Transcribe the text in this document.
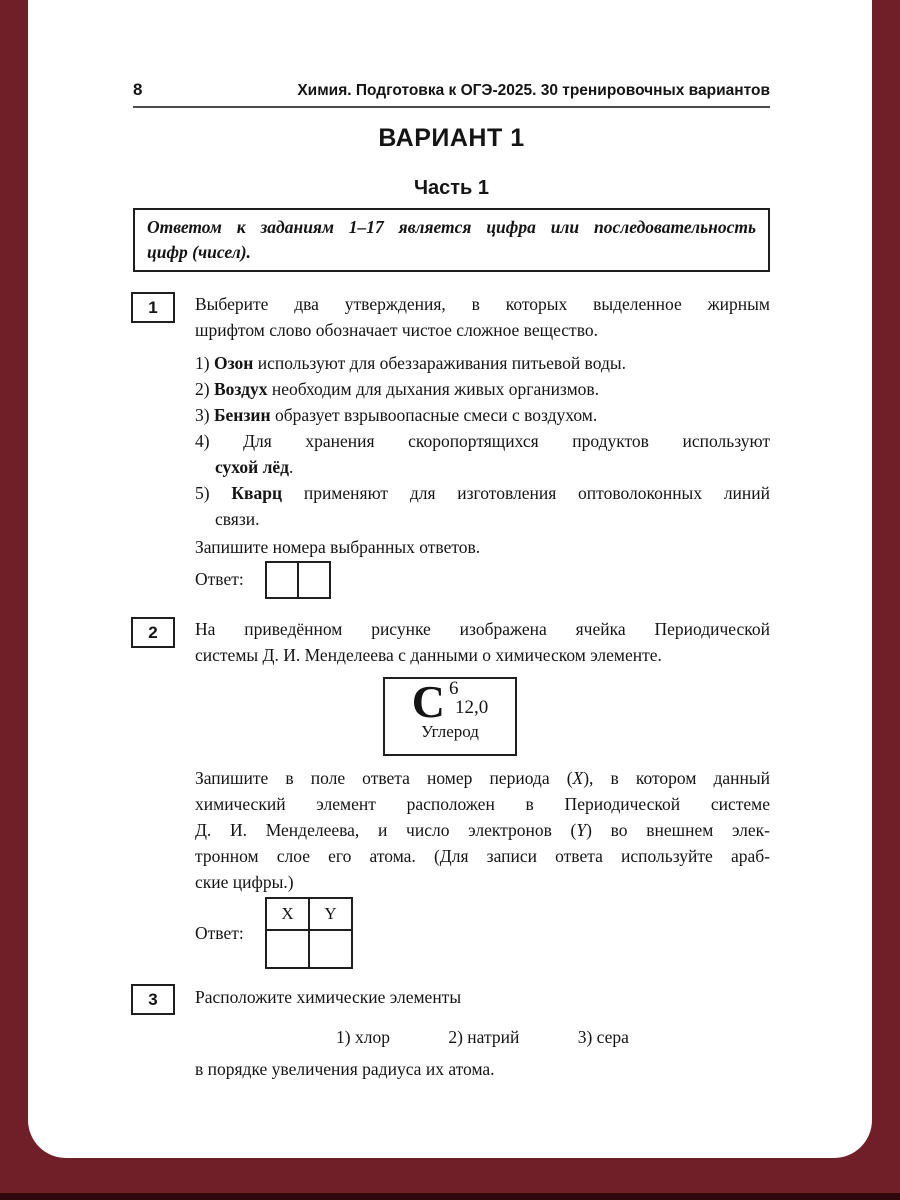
8	Химия. Подготовка к ОГЭ-2025. 30 тренировочных вариантов
ВАРИАНТ 1
Часть 1
Ответом к заданиям 1–17 является цифра или последовательность
цифр (чисел).
1 Выберите два утверждения, в которых выделенное жирным
шрифтом слово обозначает чистое сложное вещество.
1) Озон используют для обеззараживания питьевой воды.
2) Воздух необходим для дыхания живых организмов.
3) Бензин образует взрывоопасные смеси с воздухом.
4) Для хранения скоропортящихся продуктов используют
сухой лёд.
5) Кварц применяют для изготовления оптоволоконных линий
связи.
Запишите номера выбранных ответов.
Ответ:
2 На приведённом рисунке изображена ячейка Периодической
системы Д. И. Менделеева с данными о химическом элементе.
C 6
12,0
Углерод
Запишите в поле ответа номер периода (X), в котором данный
химический элемент расположен в Периодической системе
Д. И. Менделеева, и число электронов (Y) во внешнем элек-
тронном слое его атома. (Для записи ответа используйте араб-
ские цифры.)
Ответ:
X	Y

3 Расположите химические элементы
1) хлор	2) натрий	3) сера
в порядке увеличения радиуса их атома.
